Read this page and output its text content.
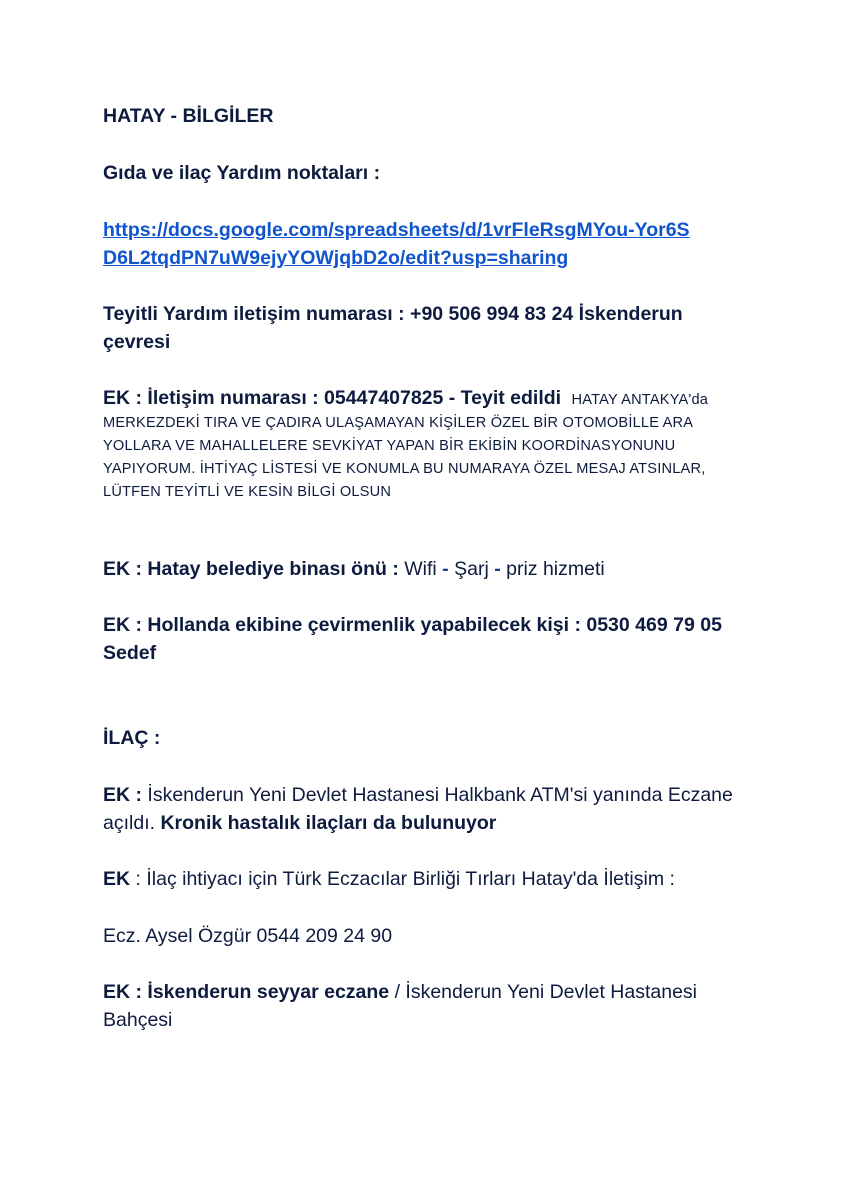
HATAY - BİLGİLER

Gıda ve ilaç Yardım noktaları :

https://docs.google.com/spreadsheets/d/1vrFleRsgMYou-Yor6S
D6L2tqdPN7uW9ejyYOWjqbD2o/edit?usp=sharing

Teyitli Yardım iletişim numarası : +90 506 994 83 24 İskenderun çevresi

EK : İletişim numarası : 05447407825 - Teyit edildi HATAY ANTAKYA'da MERKEZDEKİ TIRA VE ÇADIRA ULAŞAMAYAN KİŞİLER ÖZEL BİR OTOMOBİLLE ARA YOLLARA VE MAHALLELERE SEVKİYAT YAPAN BİR EKİBİN KOORDİNASYONUNU YAPIYORUM. İHTİYAÇ LİSTESİ VE KONUMLA BU NUMARAYA ÖZEL MESAJ ATSINLAR, LÜTFEN TEYİTLİ VE KESİN BİLGİ OLSUN

EK : Hatay belediye binası önü : Wifi - Şarj - priz hizmeti

EK : Hollanda ekibine çevirmenlik yapabilecek kişi : 0530 469 79 05 Sedef

İLAÇ :

EK : İskenderun Yeni Devlet Hastanesi Halkbank ATM'si yanında Eczane açıldı. Kronik hastalık ilaçları da bulunuyor

EK : İlaç ihtiyacı için Türk Eczacılar Birliği Tırları Hatay'da İletişim :

Ecz. Aysel Özgür 0544 209 24 90

EK : İskenderun seyyar eczane / İskenderun Yeni Devlet Hastanesi Bahçesi
